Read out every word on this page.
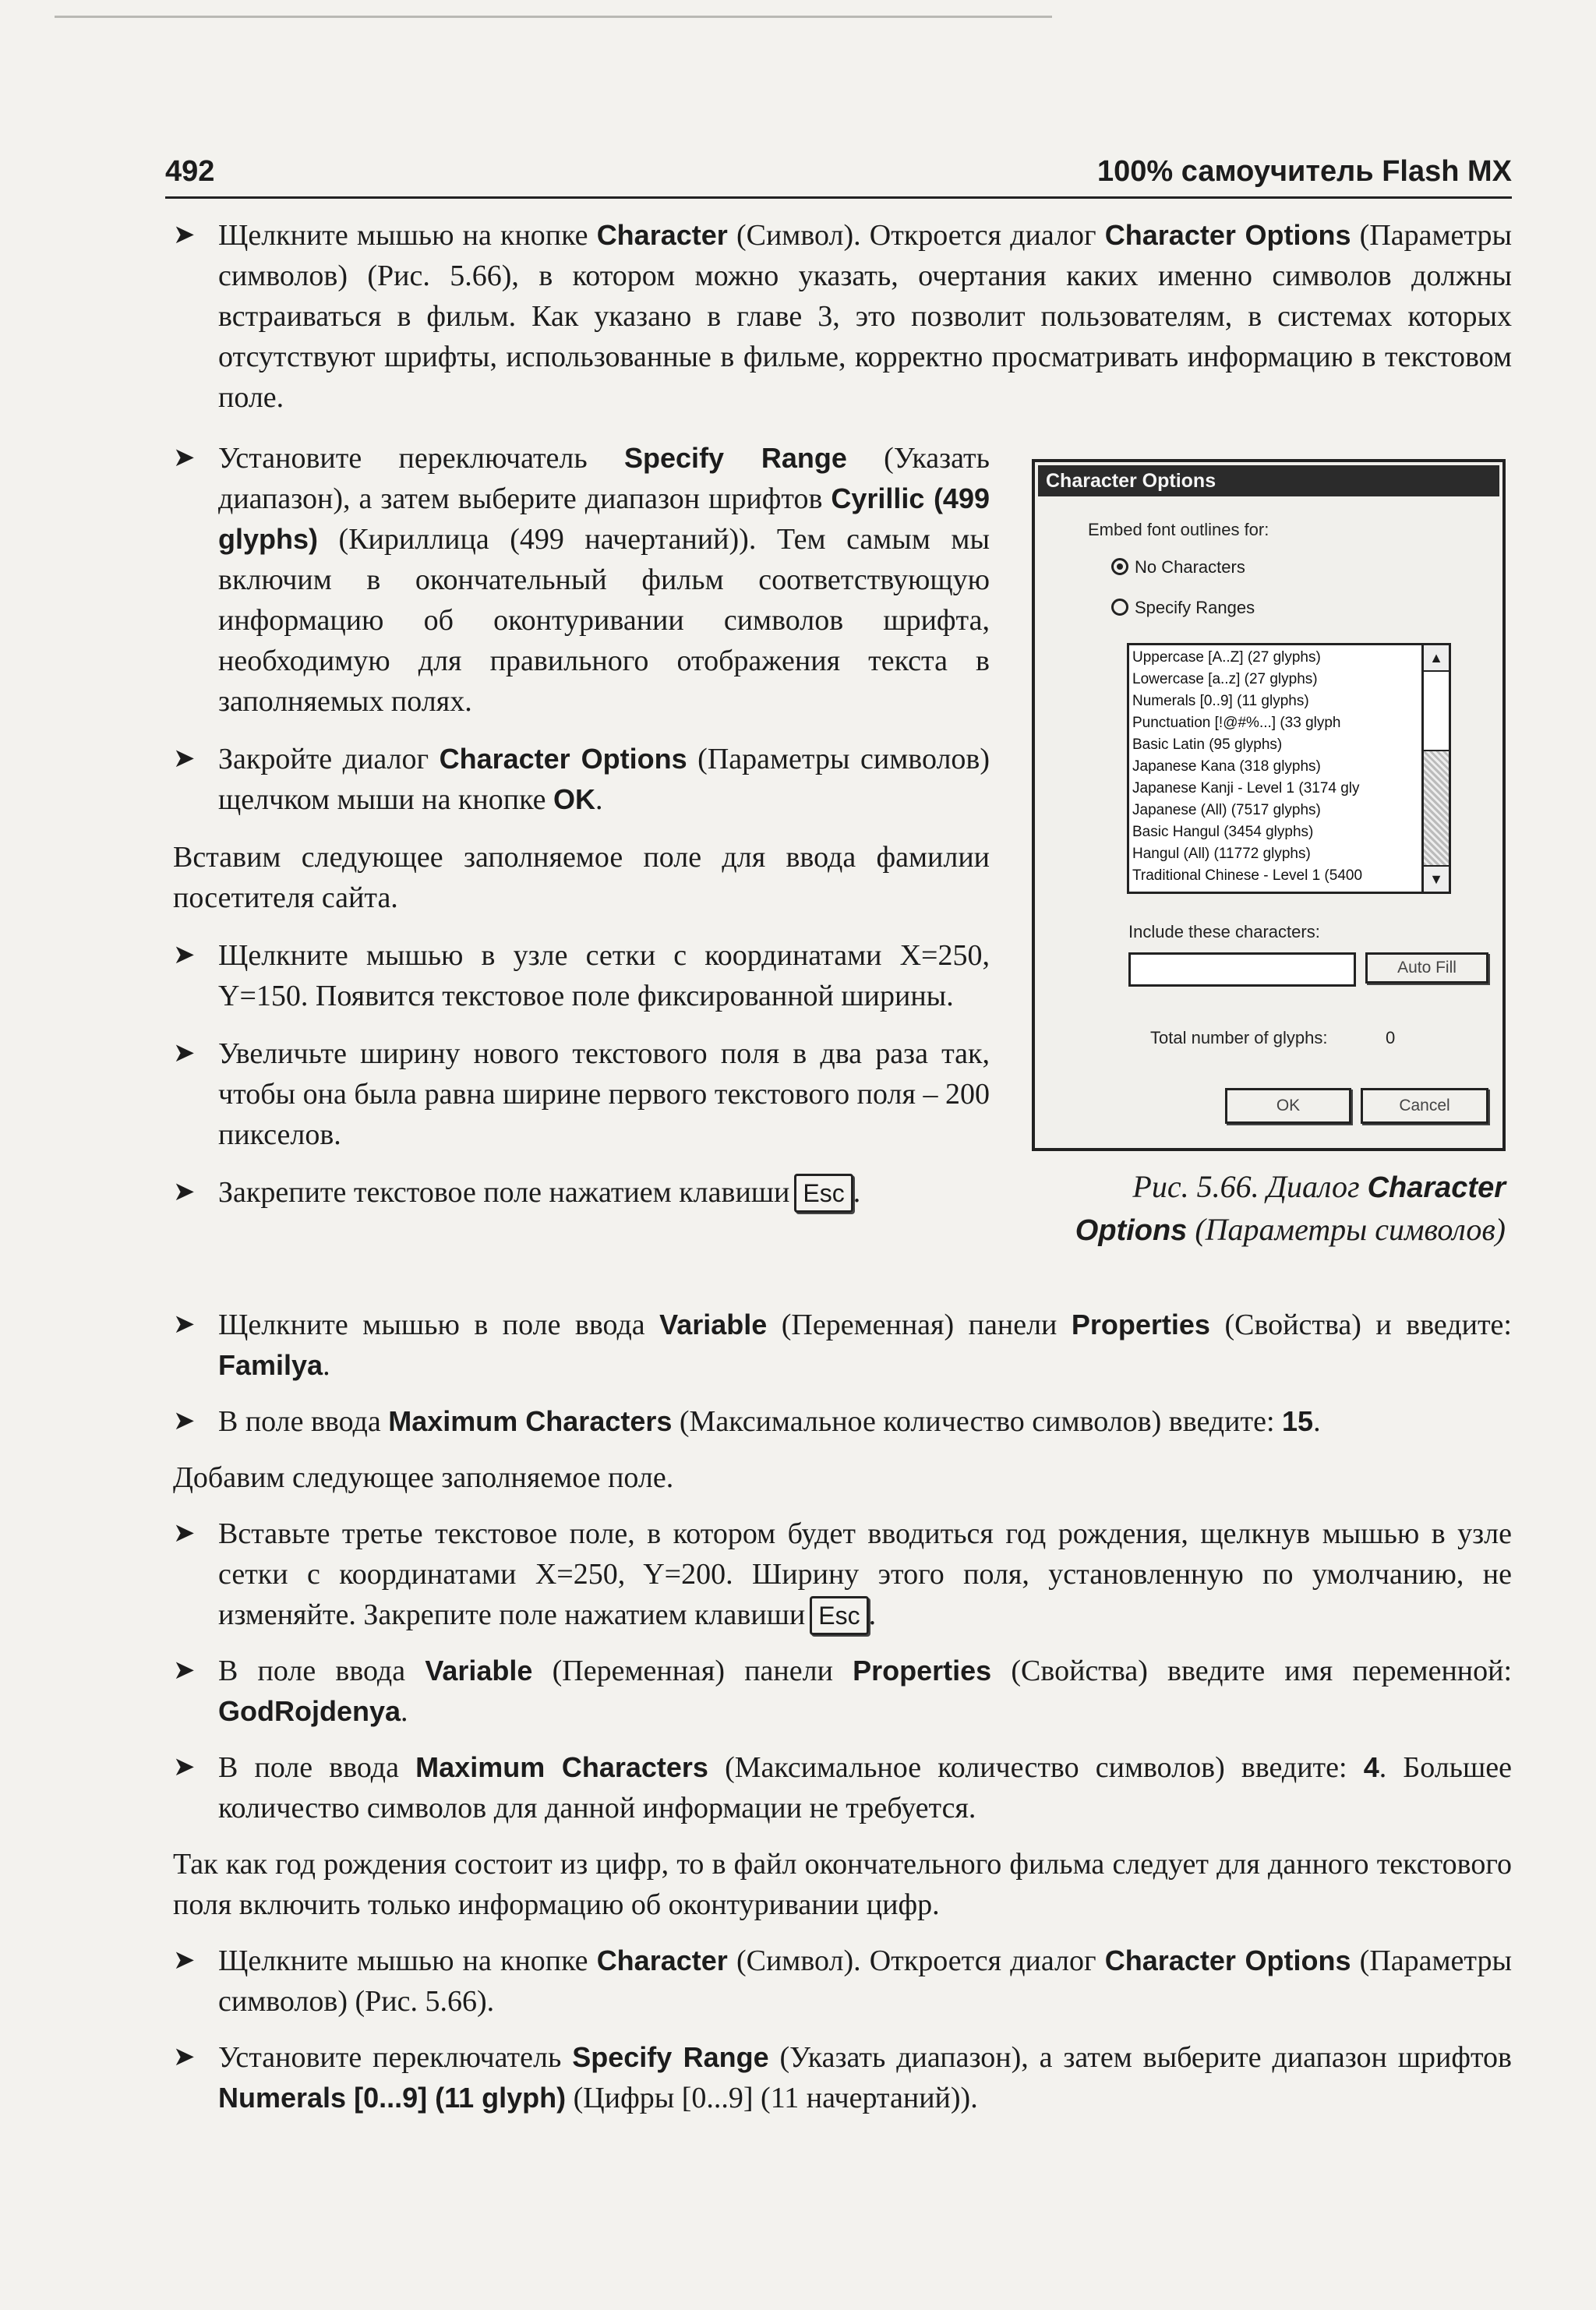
492	100% самоучитель Flash MX
➤ Щелкните мышью на кнопке Character (Символ). Откроется диалог Character Options (Параметры символов) (Рис. 5.66), в котором можно указать, очертания каких именно символов должны встраиваться в фильм. Как указано в главе 3, это позволит пользователям, в системах которых отсутствуют шрифты, использованные в фильме, корректно просматривать информацию в текстовом поле.
➤ Установите переключатель Specify Range (Указать диапазон), а затем выберите диапазон шрифтов Cyrillic (499 glyphs) (Кириллица (499 начертаний)). Тем самым мы включим в окончательный фильм соответствующую информацию об оконтуривании символов шрифта, необходимую для правильного отображения текста в заполняемых полях.
➤ Закройте диалог Character Options (Параметры символов) щелчком мыши на кнопке OK.

Вставим следующее заполняемое поле для ввода фамилии посетителя сайта.

➤ Щелкните мышью в узле сетки с координатами X=250, Y=150. Появится текстовое поле фиксированной ширины.
➤ Увеличьте ширину нового текстового поля в два раза так, чтобы она была равна ширине первого текстового поля – 200 пикселов.
➤ Закрепите текстовое поле нажатием клавиши Esc .
Character Options
Embed font outlines for:
No Characters
Specify Ranges
Uppercase [A..Z] (27 glyphs)
Lowercase [a..z] (27 glyphs)
Numerals [0..9] (11 glyphs)
Punctuation [!@#%...] (33 glyph
Basic Latin (95 glyphs)
Japanese Kana (318 glyphs)
Japanese Kanji - Level 1 (3174 gly
Japanese (All) (7517 glyphs)
Basic Hangul (3454 glyphs)
Hangul (All) (11772 glyphs)
Traditional Chinese - Level 1 (5400
▲
▼
Include these characters:
Auto Fill
Total number of glyphs:	0
OK	Cancel
Рис. 5.66. Диалог Character
Options (Параметры символов)
➤ Щелкните мышью в поле ввода Variable (Переменная) панели Properties (Свойства) и введите: Familya.
➤ В поле ввода Maximum Characters (Максимальное количество символов) введите: 15.

Добавим следующее заполняемое поле.

➤ Вставьте третье текстовое поле, в котором будет вводиться год рождения, щелкнув мышью в узле сетки с координатами X=250, Y=200. Ширину этого поля, установленную по умолчанию, не изменяйте. Закрепите поле нажатием клавиши Esc .
➤ В поле ввода Variable (Переменная) панели Properties (Свойства) введите имя переменной: GodRojdenya.
➤ В поле ввода Maximum Characters (Максимальное количество символов) введите: 4. Большее количество символов для данной информации не требуется.

Так как год рождения состоит из цифр, то в файл окончательного фильма следует для данного текстового поля включить только информацию об оконтуривании цифр.

➤ Щелкните мышью на кнопке Character (Символ). Откроется диалог Character Options (Параметры символов) (Рис. 5.66).
➤ Установите переключатель Specify Range (Указать диапазон), а затем выберите диапазон шрифтов Numerals [0...9] (11 glyph) (Цифры [0...9] (11 начертаний)).
